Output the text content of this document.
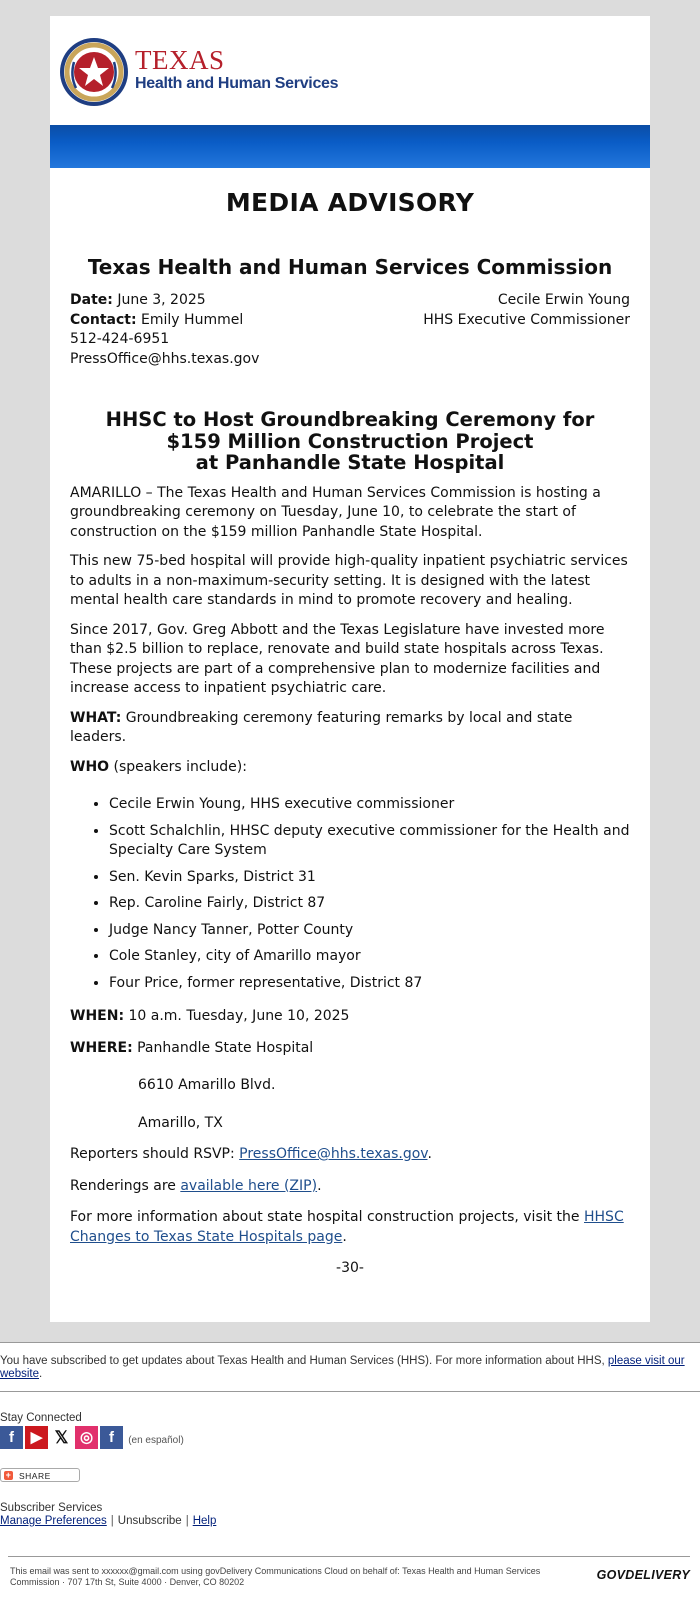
TEXAS
Health and Human Services
MEDIA ADVISORY
Texas Health and Human Services Commission
Date: June 3, 2025
Contact: Emily Hummel
512-424-6951
PressOffice@hhs.texas.gov
Cecile Erwin Young
HHS Executive Commissioner
HHSC to Host Groundbreaking Ceremony for
$159 Million Construction Project
at Panhandle State Hospital

AMARILLO – The Texas Health and Human Services Commission is hosting a groundbreaking ceremony on Tuesday, June 10, to celebrate the start of construction on the $159 million Panhandle State Hospital.

This new 75-bed hospital will provide high-quality inpatient psychiatric services to adults in a non-maximum-security setting. It is designed with the latest mental health care standards in mind to promote recovery and healing.

Since 2017, Gov. Greg Abbott and the Texas Legislature have invested more than $2.5 billion to replace, renovate and build state hospitals across Texas. These projects are part of a comprehensive plan to modernize facilities and increase access to inpatient psychiatric care.

WHAT: Groundbreaking ceremony featuring remarks by local and state leaders.

WHO (speakers include):

• Cecile Erwin Young, HHS executive commissioner
• Scott Schalchlin, HHSC deputy executive commissioner for the Health and Specialty Care System
• Sen. Kevin Sparks, District 31
• Rep. Caroline Fairly, District 87
• Judge Nancy Tanner, Potter County
• Cole Stanley, city of Amarillo mayor
• Four Price, former representative, District 87

WHEN: 10 a.m. Tuesday, June 10, 2025

WHERE: Panhandle State Hospital

6610 Amarillo Blvd.

Amarillo, TX

Reporters should RSVP: PressOffice@hhs.texas.gov.

Renderings are available here (ZIP).

For more information about state hospital construction projects, visit the HHSC Changes to Texas State Hospitals page.

-30-
You have subscribed to get updates about Texas Health and Human Services (HHS). For more information about HHS, please visit our website.
Stay Connected
f ▶ 𝕏 ◎ f (en español)
+ SHARE
Subscriber Services
Manage Preferences | Unsubscribe | Help
This email was sent to xxxxxx@gmail.com using govDelivery Communications Cloud on behalf of: Texas Health and Human Services Commission · 707 17th St, Suite 4000 · Denver, CO 80202	GOVDELIVERY
